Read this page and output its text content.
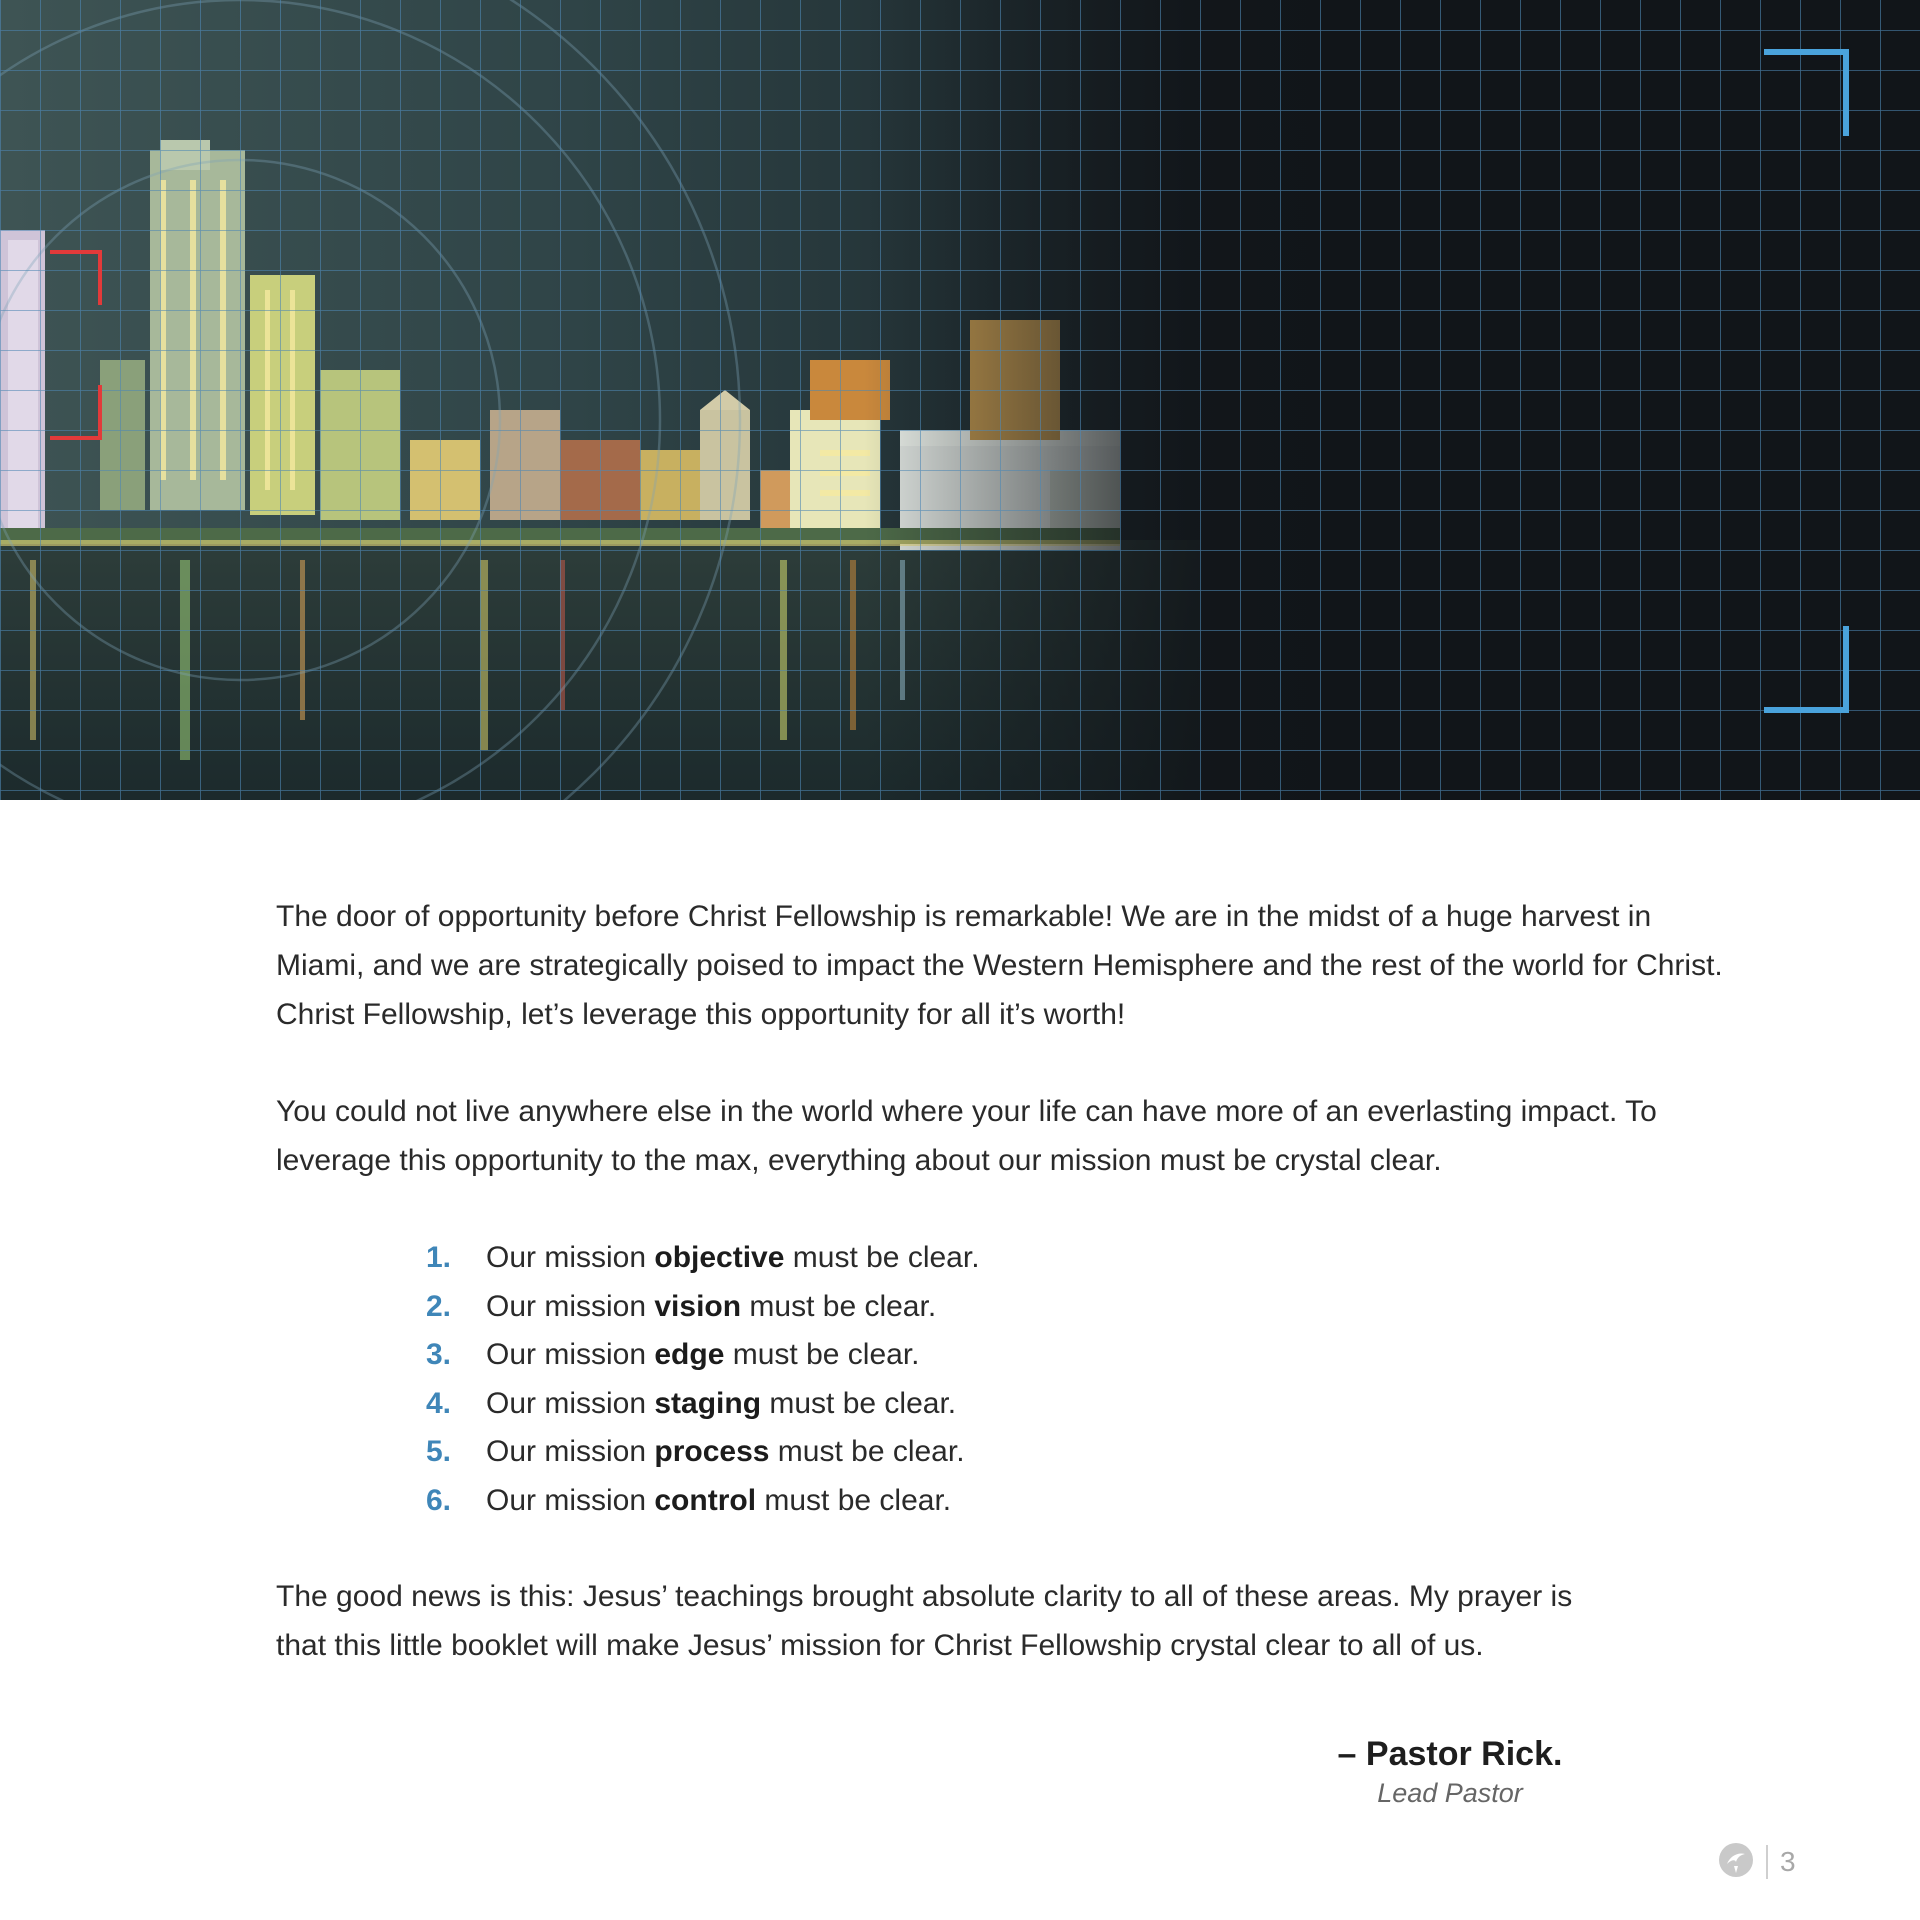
The door of opportunity before Christ Fellowship is remarkable! We are in the midst of a huge harvest in Miami, and we are strategically poised to impact the Western Hemisphere and the rest of the world for Christ. Christ Fellowship, let’s leverage this opportunity for all it’s worth!

You could not live anywhere else in the world where your life can have more of an everlasting impact. To leverage this opportunity to the max, everything about our mission must be crystal clear.

1.	Our mission objective must be clear.
2.	Our mission vision must be clear.
3.	Our mission edge must be clear.
4.	Our mission staging must be clear.
5.	Our mission process must be clear.
6.	Our mission control must be clear.

The good news is this: Jesus’ teachings brought absolute clarity to all of these areas. My prayer is that this little booklet will make Jesus’ mission for Christ Fellowship crystal clear to all of us.

– Pastor Rick.
Lead Pastor
3
